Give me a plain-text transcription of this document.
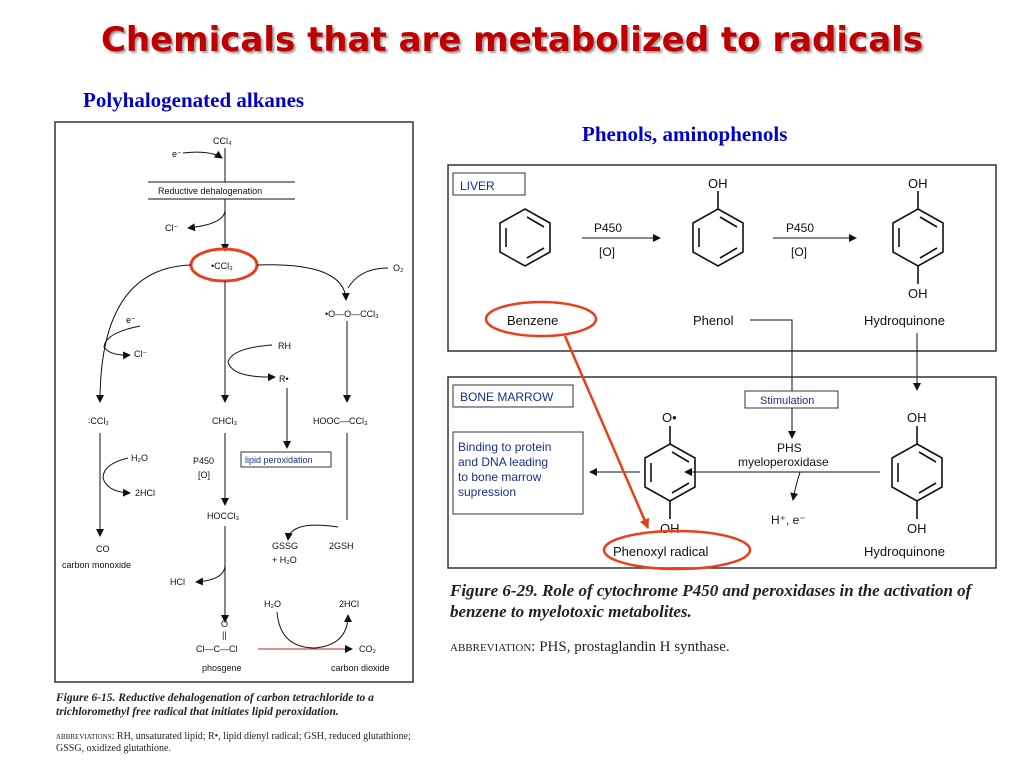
Chemicals that are metabolized to radicals
Polyhalogenated alkanes
Phenols, aminophenols
CCl₄
e⁻
Reductive dehalogenation
Cl⁻
•CCl₃	O₂
e⁻
Cl⁻
•O—O—CCl₃
RH
R•
∶CCl₂	CHCl₃	HOOC—CCl₃
H₂O
2HCl
P450
[O]
lipid peroxidation
HOCCl₃
GSSG
+ H₂O
2GSH
CO
carbon monoxide
HCl
H₂O	2HCl
O
||
Cl—C—Cl	CO₂
phosgene	carbon dioxide
LIVER
P450
[O]
OH
P450
[O]
OH
OH
Benzene	Phenol	Hydroquinone
BONE MARROW	Stimulation
PHS
myeloperoxidase
OH
OH
H⁺, e⁻
O•
OH
Binding to protein
and DNA leading
to bone marrow
supression
Phenoxyl radical	Hydroquinone
Figure 6-15. Reductive dehalogenation of carbon tetrachloride to a trichloromethyl free radical that initiates lipid peroxidation.
abbreviations: RH, unsaturated lipid; R•, lipid dienyl radical; GSH, reduced glutathione; GSSG, oxidized glutathione.
Figure 6-29. Role of cytochrome P450 and peroxidases in the activation of benzene to myelotoxic metabolites.
abbreviation: PHS, prostaglandin H synthase.
